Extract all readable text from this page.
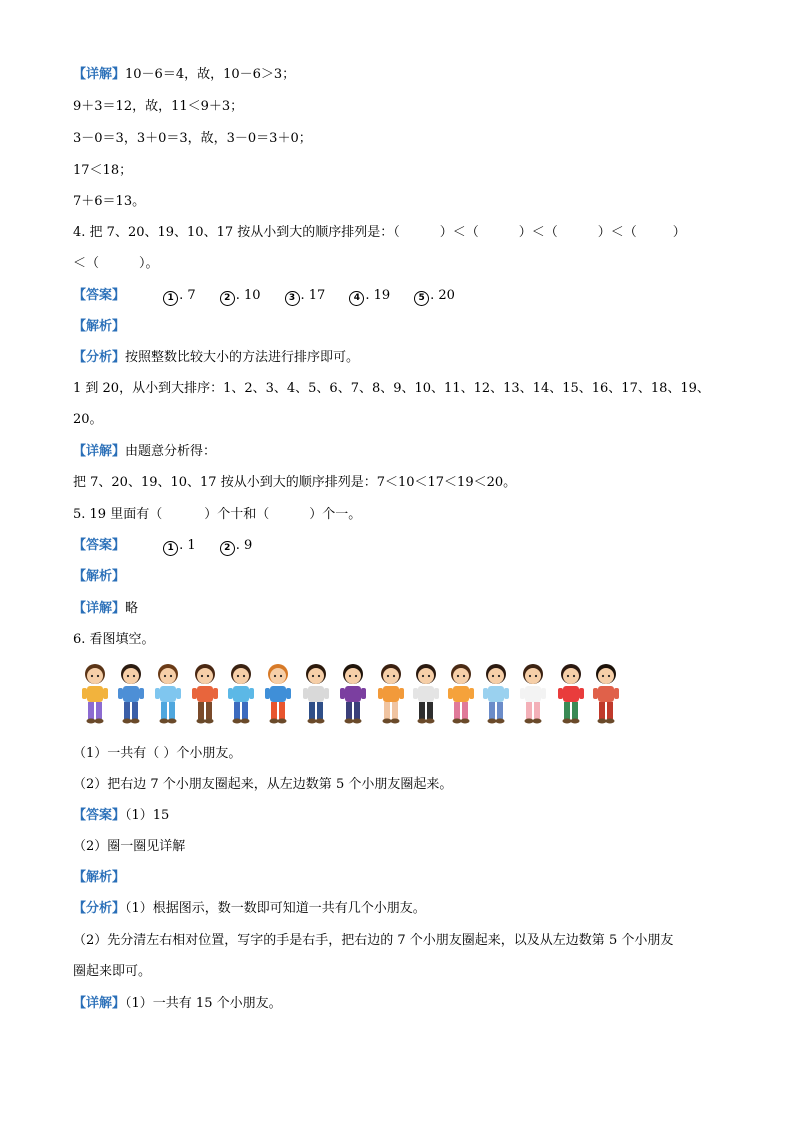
【详解】10－6＝4，故，10－6＞3；
9＋3＝12，故，11＜9＋3；
3－0＝3，3＋0＝3，故，3－0＝3＋0；
17＜18；
7＋6＝13。
4. 把 7、20、19、10、17 按从小到大的顺序排列是：（	）＜（	）＜（	）＜（	）
＜（	）。
【答案】	1 . 7	2 . 10	3 . 17	4 . 19	5 . 20
【解析】
【分析】按照整数比较大小的方法进行排序即可。
1 到 20，从小到大排序：1、2、3、4、5、6、7、8、9、10、11、12、13、14、15、16、17、18、19、
20。
【详解】由题意分析得：
把 7、20、19、10、17 按从小到大的顺序排列是：7＜10＜17＜19＜20。
5. 19 里面有（	）个十和（	）个一。
【答案】	1 . 1	2 . 9
【解析】
【详解】略
6. 看图填空。
（1）一共有（ ）个小朋友。
（2）把右边 7 个小朋友圈起来，从左边数第 5 个小朋友圈起来。
【答案】（1）15
（2）圈一圈见详解
【解析】
【分析】（1）根据图示，数一数即可知道一共有几个小朋友。
（2）先分清左右相对位置，写字的手是右手，把右边的 7 个小朋友圈起来，以及从左边数第 5 个小朋友
圈起来即可。
【详解】（1）一共有 15 个小朋友。
